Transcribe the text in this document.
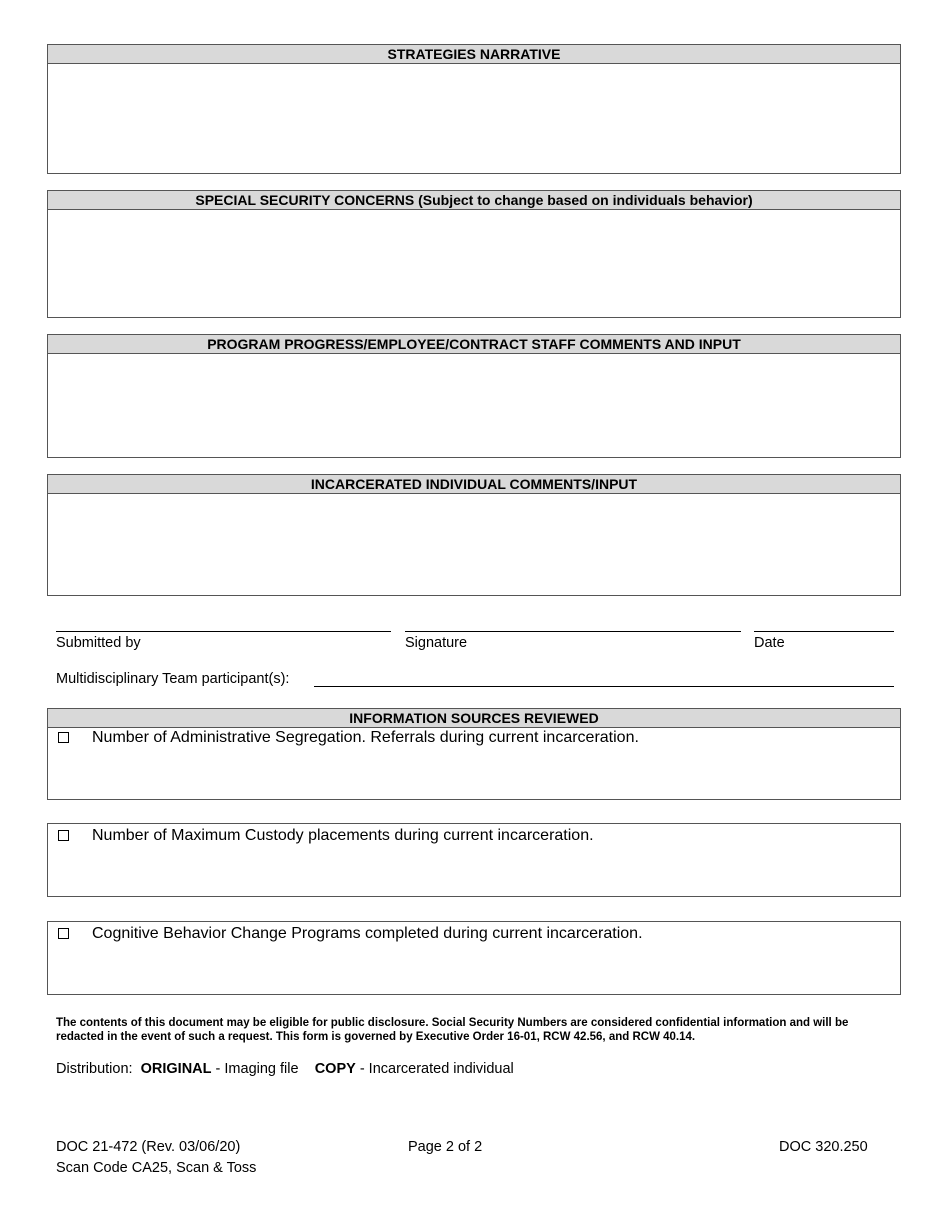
STRATEGIES NARRATIVE
SPECIAL SECURITY CONCERNS (Subject to change based on individuals behavior)
PROGRAM PROGRESS/EMPLOYEE/CONTRACT STAFF COMMENTS AND INPUT
INCARCERATED INDIVIDUAL COMMENTS/INPUT
Submitted by	Signature	Date
Multidisciplinary Team participant(s):
INFORMATION SOURCES REVIEWED
Number of Administrative Segregation. Referrals during current incarceration.
Number of Maximum Custody placements during current incarceration.
Cognitive Behavior Change Programs completed during current incarceration.
The contents of this document may be eligible for public disclosure. Social Security Numbers are considered confidential information and will be redacted in the event of such a request. This form is governed by Executive Order 16-01, RCW 42.56, and RCW 40.14.
Distribution: ORIGINAL - Imaging file COPY - Incarcerated individual
DOC 21-472 (Rev. 03/06/20)
Scan Code CA25, Scan & Toss
Page 2 of 2	DOC 320.250
